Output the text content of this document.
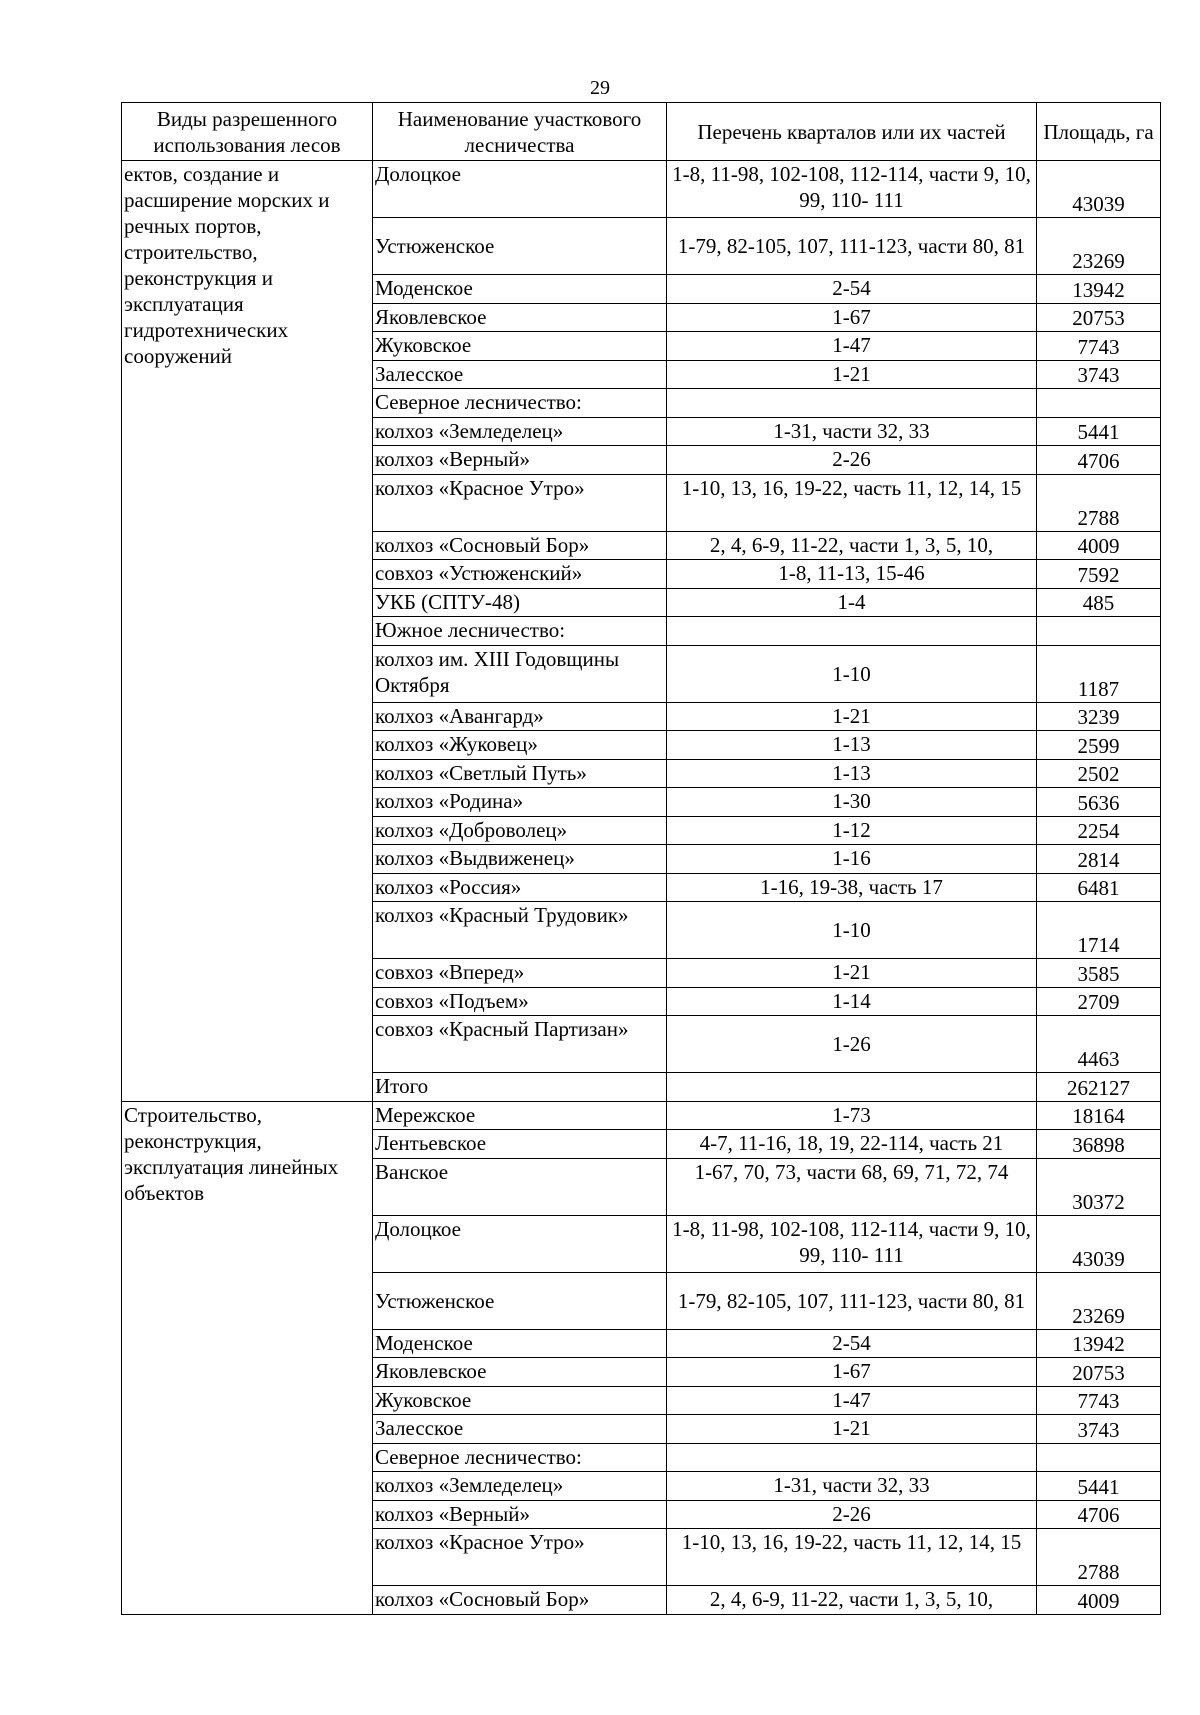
29
Виды разрешенного использования лесов	Наименование участкового лесничества	Перечень кварталов или их частей	Площадь, га
ектов, создание и расширение морских и речных портов, строительство, реконструкция и эксплуатация гидротехнических сооружений	Долоцкое	1-8, 11-98, 102-108, 112-114, части 9, 10, 99, 110- 111	43039
	Устюженское	1-79, 82-105, 107, 111-123, части 80, 81	23269
	Моденское	2-54	13942
	Яковлевское	1-67	20753
	Жуковское	1-47	7743
	Залесское	1-21	3743
	Северное лесничество:		
	колхоз «Земледелец»	1-31, части 32, 33	5441
	колхоз «Верный»	2-26	4706
	колхоз «Красное Утро»	1-10, 13, 16, 19-22, часть 11, 12, 14, 15	2788
	колхоз «Сосновый Бор»	2, 4, 6-9, 11-22, части 1, 3, 5, 10,	4009
	совхоз «Устюженский»	1-8, 11-13, 15-46	7592
	УКБ (СПТУ-48)	1-4	485
	Южное лесничество:		
	колхоз им. XIII Годовщины Октября	1-10	1187
	колхоз «Авангард»	1-21	3239
	колхоз «Жуковец»	1-13	2599
	колхоз «Светлый Путь»	1-13	2502
	колхоз «Родина»	1-30	5636
	колхоз «Доброволец»	1-12	2254
	колхоз «Выдвиженец»	1-16	2814
	колхоз «Россия»	1-16, 19-38, часть 17	6481
	колхоз «Красный Трудовик»	1-10	1714
	совхоз «Вперед»	1-21	3585
	совхоз «Подъем»	1-14	2709
	совхоз «Красный Партизан»	1-26	4463
	Итого		262127
Строительство, реконструкция, эксплуатация линейных объектов	Мережское	1-73	18164
	Лентьевское	4-7, 11-16, 18, 19, 22-114, часть 21	36898
	Ванское	1-67, 70, 73, части 68, 69, 71, 72, 74	30372
	Долоцкое	1-8, 11-98, 102-108, 112-114, части 9, 10, 99, 110- 111	43039
	Устюженское	1-79, 82-105, 107, 111-123, части 80, 81	23269
	Моденское	2-54	13942
	Яковлевское	1-67	20753
	Жуковское	1-47	7743
	Залесское	1-21	3743
	Северное лесничество:		
	колхоз «Земледелец»	1-31, части 32, 33	5441
	колхоз «Верный»	2-26	4706
	колхоз «Красное Утро»	1-10, 13, 16, 19-22, часть 11, 12, 14, 15	2788
	колхоз «Сосновый Бор»	2, 4, 6-9, 11-22, части 1, 3, 5, 10,	4009
